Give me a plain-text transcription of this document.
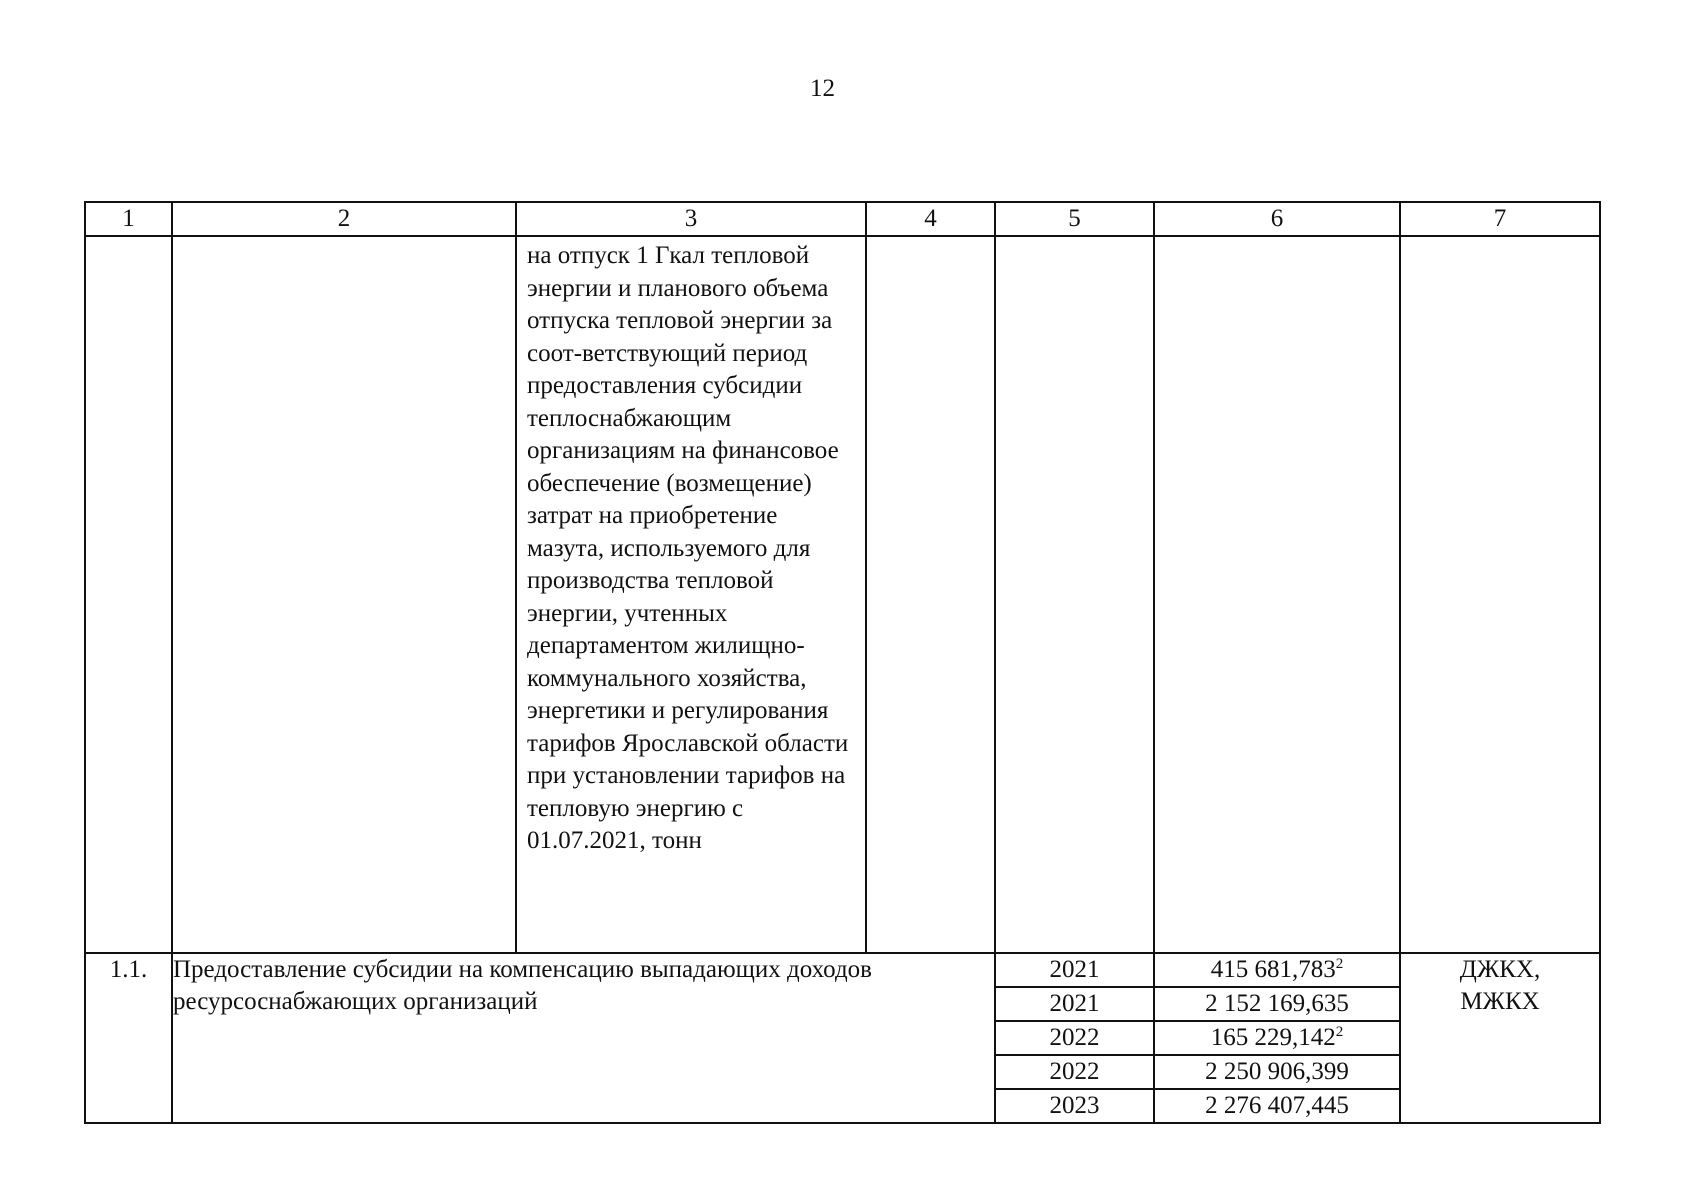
12
1	2	3	4	5	6	7

		на отпуск 1 Гкал тепловой энергии и планового объема отпуска тепловой энергии за соот-ветствующий период предоставления субсидии теплоснабжающим организациям на финансовое обеспечение (возмещение) затрат на приобретение мазута, используемого для производства тепловой энергии, учтенных департаментом жилищно-коммунального хозяйства, энергетики и регулирования тарифов Ярославской области при установлении тарифов на тепловую энергию с 01.07.2021, тонн				

1.1.	Предоставление субсидии на компенсацию выпадающих доходов ресурсоснабжающих организаций			2021	415 681,783$^2$	ДЖКХ,
МЖКХ

				2021	2 152 169,635	
				2022	165 229,142$^2$
				2022	2 250 906,399	
				2023	2 276 407,445	
